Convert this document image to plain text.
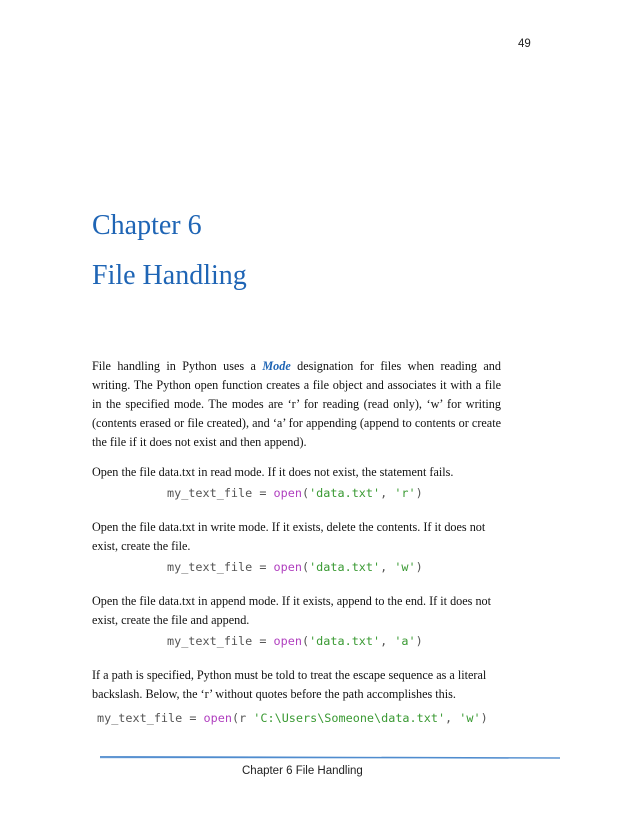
49
Chapter 6
File Handling

File handling in Python uses a Mode designation for files when reading and writing. The Python open function creates a file object and associates it with a file in the specified mode. The modes are ‘r’ for reading (read only), ‘w’ for writing (contents erased or file created), and ‘a’ for appending (append to contents or create the file if it does not exist and then append).

Open the file data.txt in read mode. If it does not exist, the statement fails.

my_text_file = open('data.txt', 'r')

Open the file data.txt in write mode. If it exists, delete the contents. If it does not exist, create the file.

my_text_file = open('data.txt', 'w')

Open the file data.txt in append mode. If it exists, append to the end. If it does not exist, create the file and append.

my_text_file = open('data.txt', 'a')

If a path is specified, Python must be told to treat the escape sequence as a literal backslash. Below, the ‘r’ without quotes before the path accomplishes this.

my_text_file = open(r 'C:\Users\Someone\data.txt', 'w')

Chapter 6 File Handling
